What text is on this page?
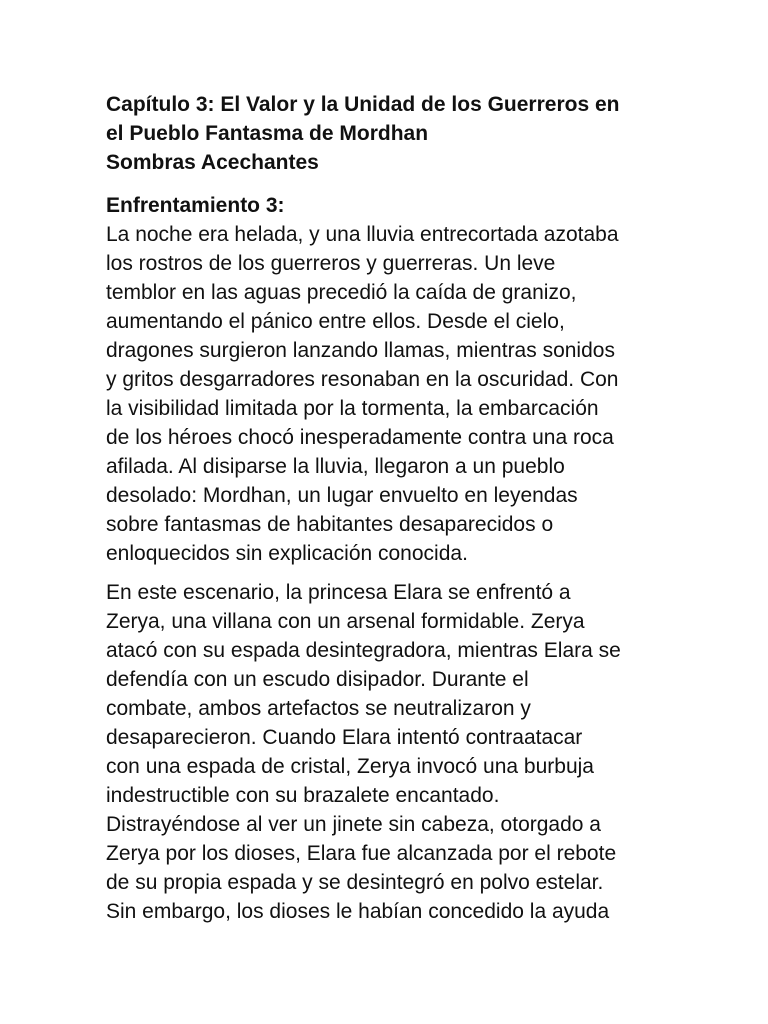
Capítulo 3: El Valor y la Unidad de los Guerreros en
el Pueblo Fantasma de Mordhan
Sombras Acechantes
Enfrentamiento 3:

La noche era helada, y una lluvia entrecortada azotaba
los rostros de los guerreros y guerreras. Un leve
temblor en las aguas precedió la caída de granizo,
aumentando el pánico entre ellos. Desde el cielo,
dragones surgieron lanzando llamas, mientras sonidos
y gritos desgarradores resonaban en la oscuridad. Con
la visibilidad limitada por la tormenta, la embarcación
de los héroes chocó inesperadamente contra una roca
afilada. Al disiparse la lluvia, llegaron a un pueblo
desolado: Mordhan, un lugar envuelto en leyendas
sobre fantasmas de habitantes desaparecidos o
enloquecidos sin explicación conocida.

En este escenario, la princesa Elara se enfrentó a
Zerya, una villana con un arsenal formidable. Zerya
atacó con su espada desintegradora, mientras Elara se
defendía con un escudo disipador. Durante el
combate, ambos artefactos se neutralizaron y
desaparecieron. Cuando Elara intentó contraatacar
con una espada de cristal, Zerya invocó una burbuja
indestructible con su brazalete encantado.
Distrayéndose al ver un jinete sin cabeza, otorgado a
Zerya por los dioses, Elara fue alcanzada por el rebote
de su propia espada y se desintegró en polvo estelar.
Sin embargo, los dioses le habían concedido la ayuda
